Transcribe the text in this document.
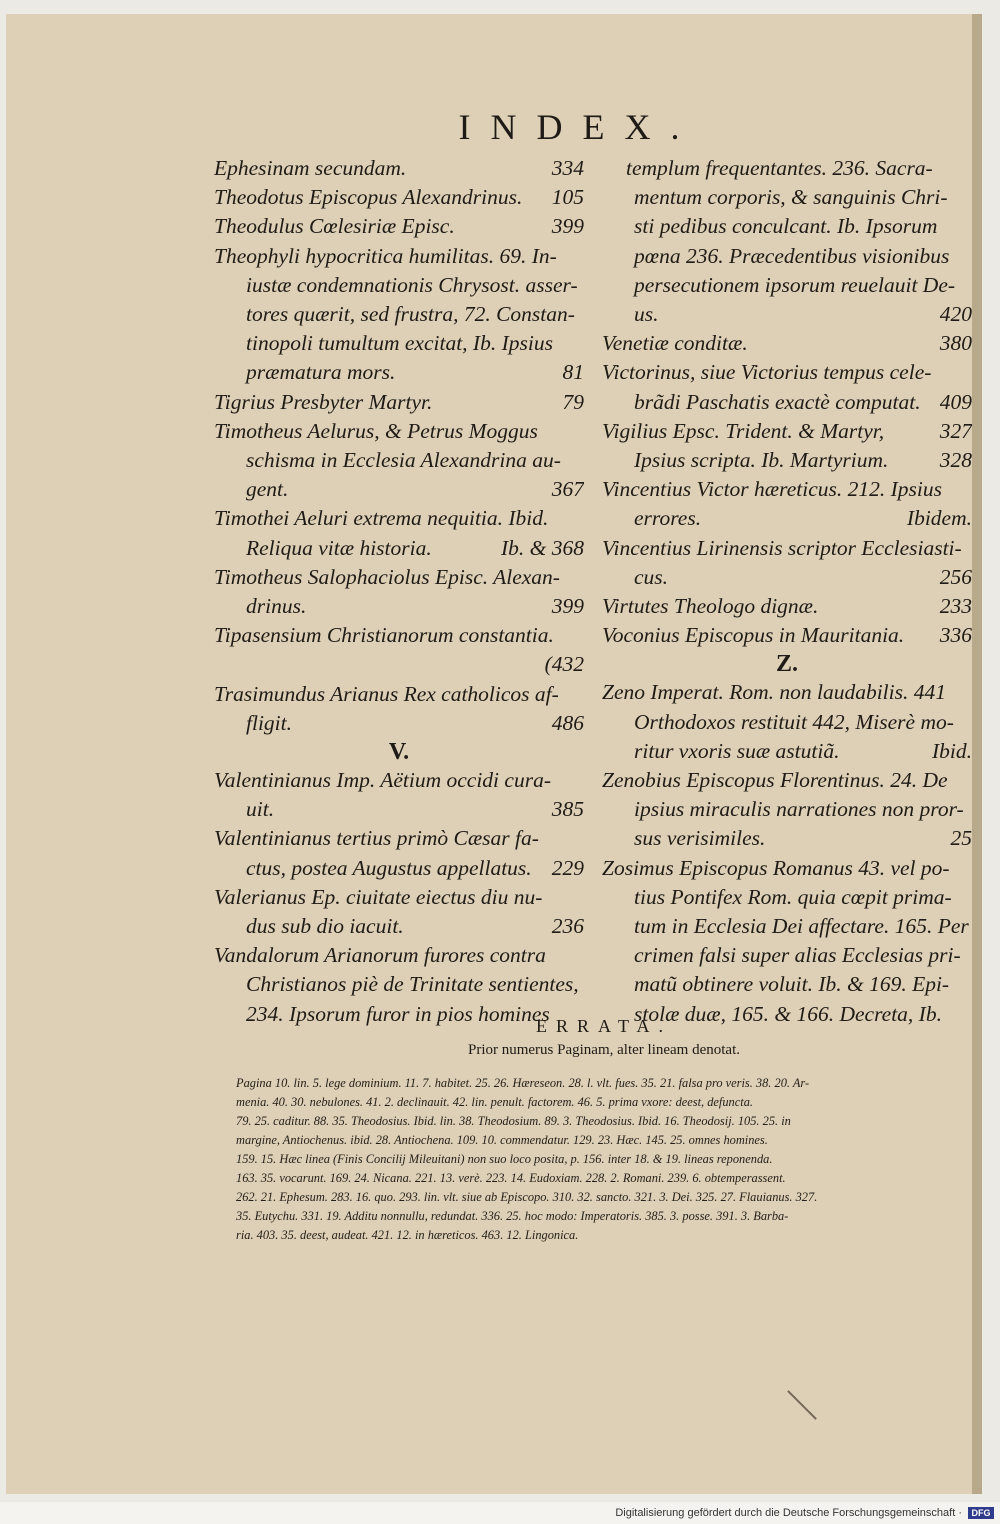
INDEX.
334
Ephesinam secundam.
105
Theodotus Episcopus Alexandrinus.
399
Theodulus Cœlesiriæ Episc.
Theophyli hypocritica humilitas. 69. In-
iustæ condemnationis Chrysost. asser-
tores quærit, sed frustra, 72. Constan-
tinopoli tumultum excitat, Ib. Ipsius
81
præmatura mors.
79
Tigrius Presbyter Martyr.
Timotheus Aelurus, & Petrus Moggus
schisma in Ecclesia Alexandrina au-
367
gent.
Timothei Aeluri extrema nequitia. Ibid.
Ib. & 368
Reliqua vitæ historia.
Timotheus Salophaciolus Episc. Alexan-
399
drinus.
Tipasensium Christianorum constantia.
(432
Trasimundus Arianus Rex catholicos af-
486
fligit.
V.
Valentinianus Imp. Aëtium occidi cura-
385
uit.
Valentinianus tertius primò Cæsar fa-
229
ctus, postea Augustus appellatus.
Valerianus Ep. ciuitate eiectus diu nu-
236
dus sub dio iacuit.
Vandalorum Arianorum furores contra
Christianos piè de Trinitate sentientes,
234. Ipsorum furor in pios homines
templum frequentantes. 236. Sacra-
mentum corporis, & sanguinis Chri-
sti pedibus conculcant. Ib. Ipsorum
pœna 236. Præcedentibus visionibus
persecutionem ipsorum reuelauit De-
420
us.
380
Venetiæ conditæ.
Victorinus, siue Victorius tempus cele-
409
brãdi Paschatis exactè computat.
327
Vigilius Epsc. Trident. & Martyr,
328
Ipsius scripta. Ib. Martyrium.
Vincentius Victor hæreticus. 212. Ipsius
Ibidem.
errores.
Vincentius Lirinensis scriptor Ecclesiasti-
256
cus.
233
Virtutes Theologo dignæ.
336
Voconius Episcopus in Mauritania.
Z.
Zeno Imperat. Rom. non laudabilis. 441
Orthodoxos restituit 442, Miserè mo-
Ibid.
ritur vxoris suæ astutiã.
Zenobius Episcopus Florentinus. 24. De
ipsius miraculis narrationes non pror-
25
sus verisimiles.
Zosimus Episcopus Romanus 43. vel po-
tius Pontifex Rom. quia cœpit prima-
tum in Ecclesia Dei affectare. 165. Per
crimen falsi super alias Ecclesias pri-
matũ obtinere voluit. Ib. & 169. Epi-
stolæ duæ, 165. & 166. Decreta, Ib.
ERRATA.
Prior numerus Paginam, alter lineam denotat.
Pagina 10. lin. 5. lege dominium. 11. 7. habitet. 25. 26. Hæreseon. 28. l. vlt. fues. 35. 21. falsa pro veris. 38. 20. Ar-
menia. 40. 30. nebulones. 41. 2. declinauit. 42. lin. penult. factorem. 46. 5. prima vxore: deest, defuncta.
79. 25. caditur. 88. 35. Theodosius. Ibid. lin. 38. Theodosium. 89. 3. Theodosius. Ibid. 16. Theodosij. 105. 25. in
margine, Antiochenus. ibid. 28. Antiochena. 109. 10. commendatur. 129. 23. Hæc. 145. 25. omnes homines.
159. 15. Hæc linea (Finis Concilij Mileuitani) non suo loco posita, p. 156. inter 18. & 19. lineas reponenda.
163. 35. vocarunt. 169. 24. Nicana. 221. 13. verè. 223. 14. Eudoxiam. 228. 2. Romani. 239. 6. obtemperassent.
262. 21. Ephesum. 283. 16. quo. 293. lin. vlt. siue ab Episcopo. 310. 32. sancto. 321. 3. Dei. 325. 27. Flauianus. 327.
35. Eutychu. 331. 19. Additu nonnullu, redundat. 336. 25. hoc modo: Imperatoris. 385. 3. posse. 391. 3. Barba-
ria. 403. 35. deest, audeat. 421. 12. in hæreticos. 463. 12. Lingonica.
Digitalisierung gefördert durch die Deutsche Forschungsgemeinschaft ·	DFG
